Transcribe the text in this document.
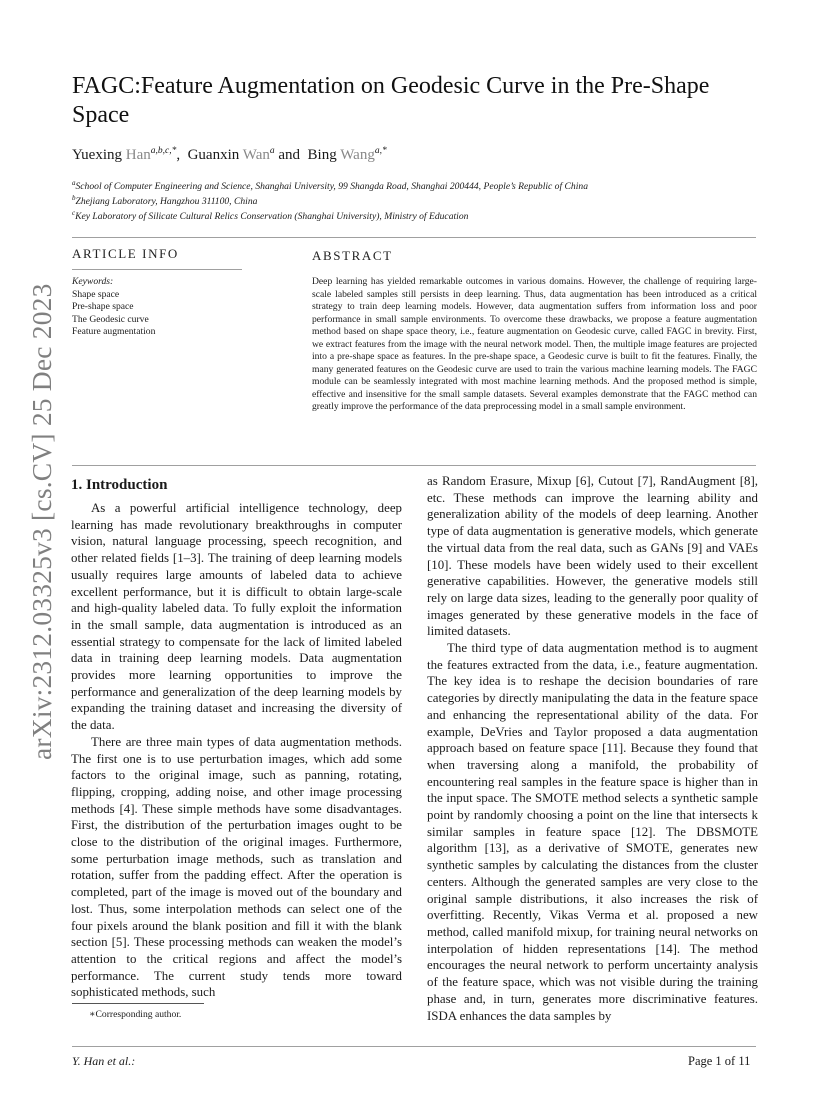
arXiv:2312.03325v3 [cs.CV] 25 Dec 2023
FAGC:Feature Augmentation on Geodesic Curve in the Pre-Shape Space
Yuexing Han$^{a,b,c,*}$, Guanxin Wan$^a$ and Bing Wang$^{a,*}$
$^a$School of Computer Engineering and Science, Shanghai University, 99 Shangda Road, Shanghai 200444, People’s Republic of China
$^b$Zhejiang Laboratory, Hangzhou 311100, China
$^c$Key Laboratory of Silicate Cultural Relics Conservation (Shanghai University), Ministry of Education
ARTICLE INFO	ABSTRACT
Keywords:
Shape space
Pre-shape space
The Geodesic curve
Feature augmentation
Deep learning has yielded remarkable outcomes in various domains. However, the challenge of requiring large-scale labeled samples still persists in deep learning. Thus, data augmentation has been introduced as a critical strategy to train deep learning models. However, data augmentation suffers from information loss and poor performance in small sample environments. To overcome these drawbacks, we propose a feature augmentation method based on shape space theory, i.e., feature augmentation on Geodesic curve, called FAGC in brevity. First, we extract features from the image with the neural network model. Then, the multiple image features are projected into a pre-shape space as features. In the pre-shape space, a Geodesic curve is built to fit the features. Finally, the many generated features on the Geodesic curve are used to train the various machine learning models. The FAGC module can be seamlessly integrated with most machine learning methods. And the proposed method is simple, effective and insensitive for the small sample datasets. Several examples demonstrate that the FAGC method can greatly improve the performance of the data preprocessing model in a small sample environment.
1. Introduction

As a powerful artificial intelligence technology, deep learning has made revolutionary breakthroughs in computer vision, natural language processing, speech recognition, and other related fields [1–3]. The training of deep learning models usually requires large amounts of labeled data to achieve excellent performance, but it is difficult to obtain large-scale and high-quality labeled data. To fully exploit the information in the small sample, data augmentation is introduced as an essential strategy to compensate for the lack of limited labeled data in training deep learning models. Data augmentation provides more learning opportunities to improve the performance and generalization of the deep learning models by expanding the training dataset and increasing the diversity of the data.

There are three main types of data augmentation methods. The first one is to use perturbation images, which add some factors to the original image, such as panning, rotating, flipping, cropping, adding noise, and other image processing methods [4]. These simple methods have some disadvantages. First, the distribution of the perturbation images ought to be close to the distribution of the original images. Furthermore, some perturbation image methods, such as translation and rotation, suffer from the padding effect. After the operation is completed, part of the image is moved out of the boundary and lost. Thus, some interpolation methods can select one of the four pixels around the blank position and fill it with the blank section [5]. These processing methods can weaken the model’s attention to the critical regions and affect the model’s performance. The current study tends more toward sophisticated methods, such

as Random Erasure, Mixup [6], Cutout [7], RandAugment [8], etc. These methods can improve the learning ability and generalization ability of the models of deep learning. Another type of data augmentation is generative models, which generate the virtual data from the real data, such as GANs [9] and VAEs [10]. These models have been widely used to their excellent generative capabilities. However, the generative models still rely on large data sizes, leading to the generally poor quality of images generated by these generative models in the face of limited datasets.

The third type of data augmentation method is to augment the features extracted from the data, i.e., feature augmentation. The key idea is to reshape the decision boundaries of rare categories by directly manipulating the data in the feature space and enhancing the representational ability of the data. For example, DeVries and Taylor proposed a data augmentation approach based on feature space [11]. Because they found that when traversing along a manifold, the probability of encountering real samples in the feature space is higher than in the input space. The SMOTE method selects a synthetic sample point by randomly choosing a point on the line that intersects k similar samples in feature space [12]. The DBSMOTE algorithm [13], as a derivative of SMOTE, generates new synthetic samples by calculating the distances from the cluster centers. Although the generated samples are very close to the original sample distributions, it also increases the risk of overfitting. Recently, Vikas Verma et al. proposed a new method, called manifold mixup, for training neural networks on interpolation of hidden representations [14]. The method encourages the neural network to perform uncertainty analysis of the feature space, which was not visible during the training phase and, in turn, generates more discriminative features. ISDA enhances the data samples by

∗Corresponding author.
Y. Han et al.:	Page 1 of 11
